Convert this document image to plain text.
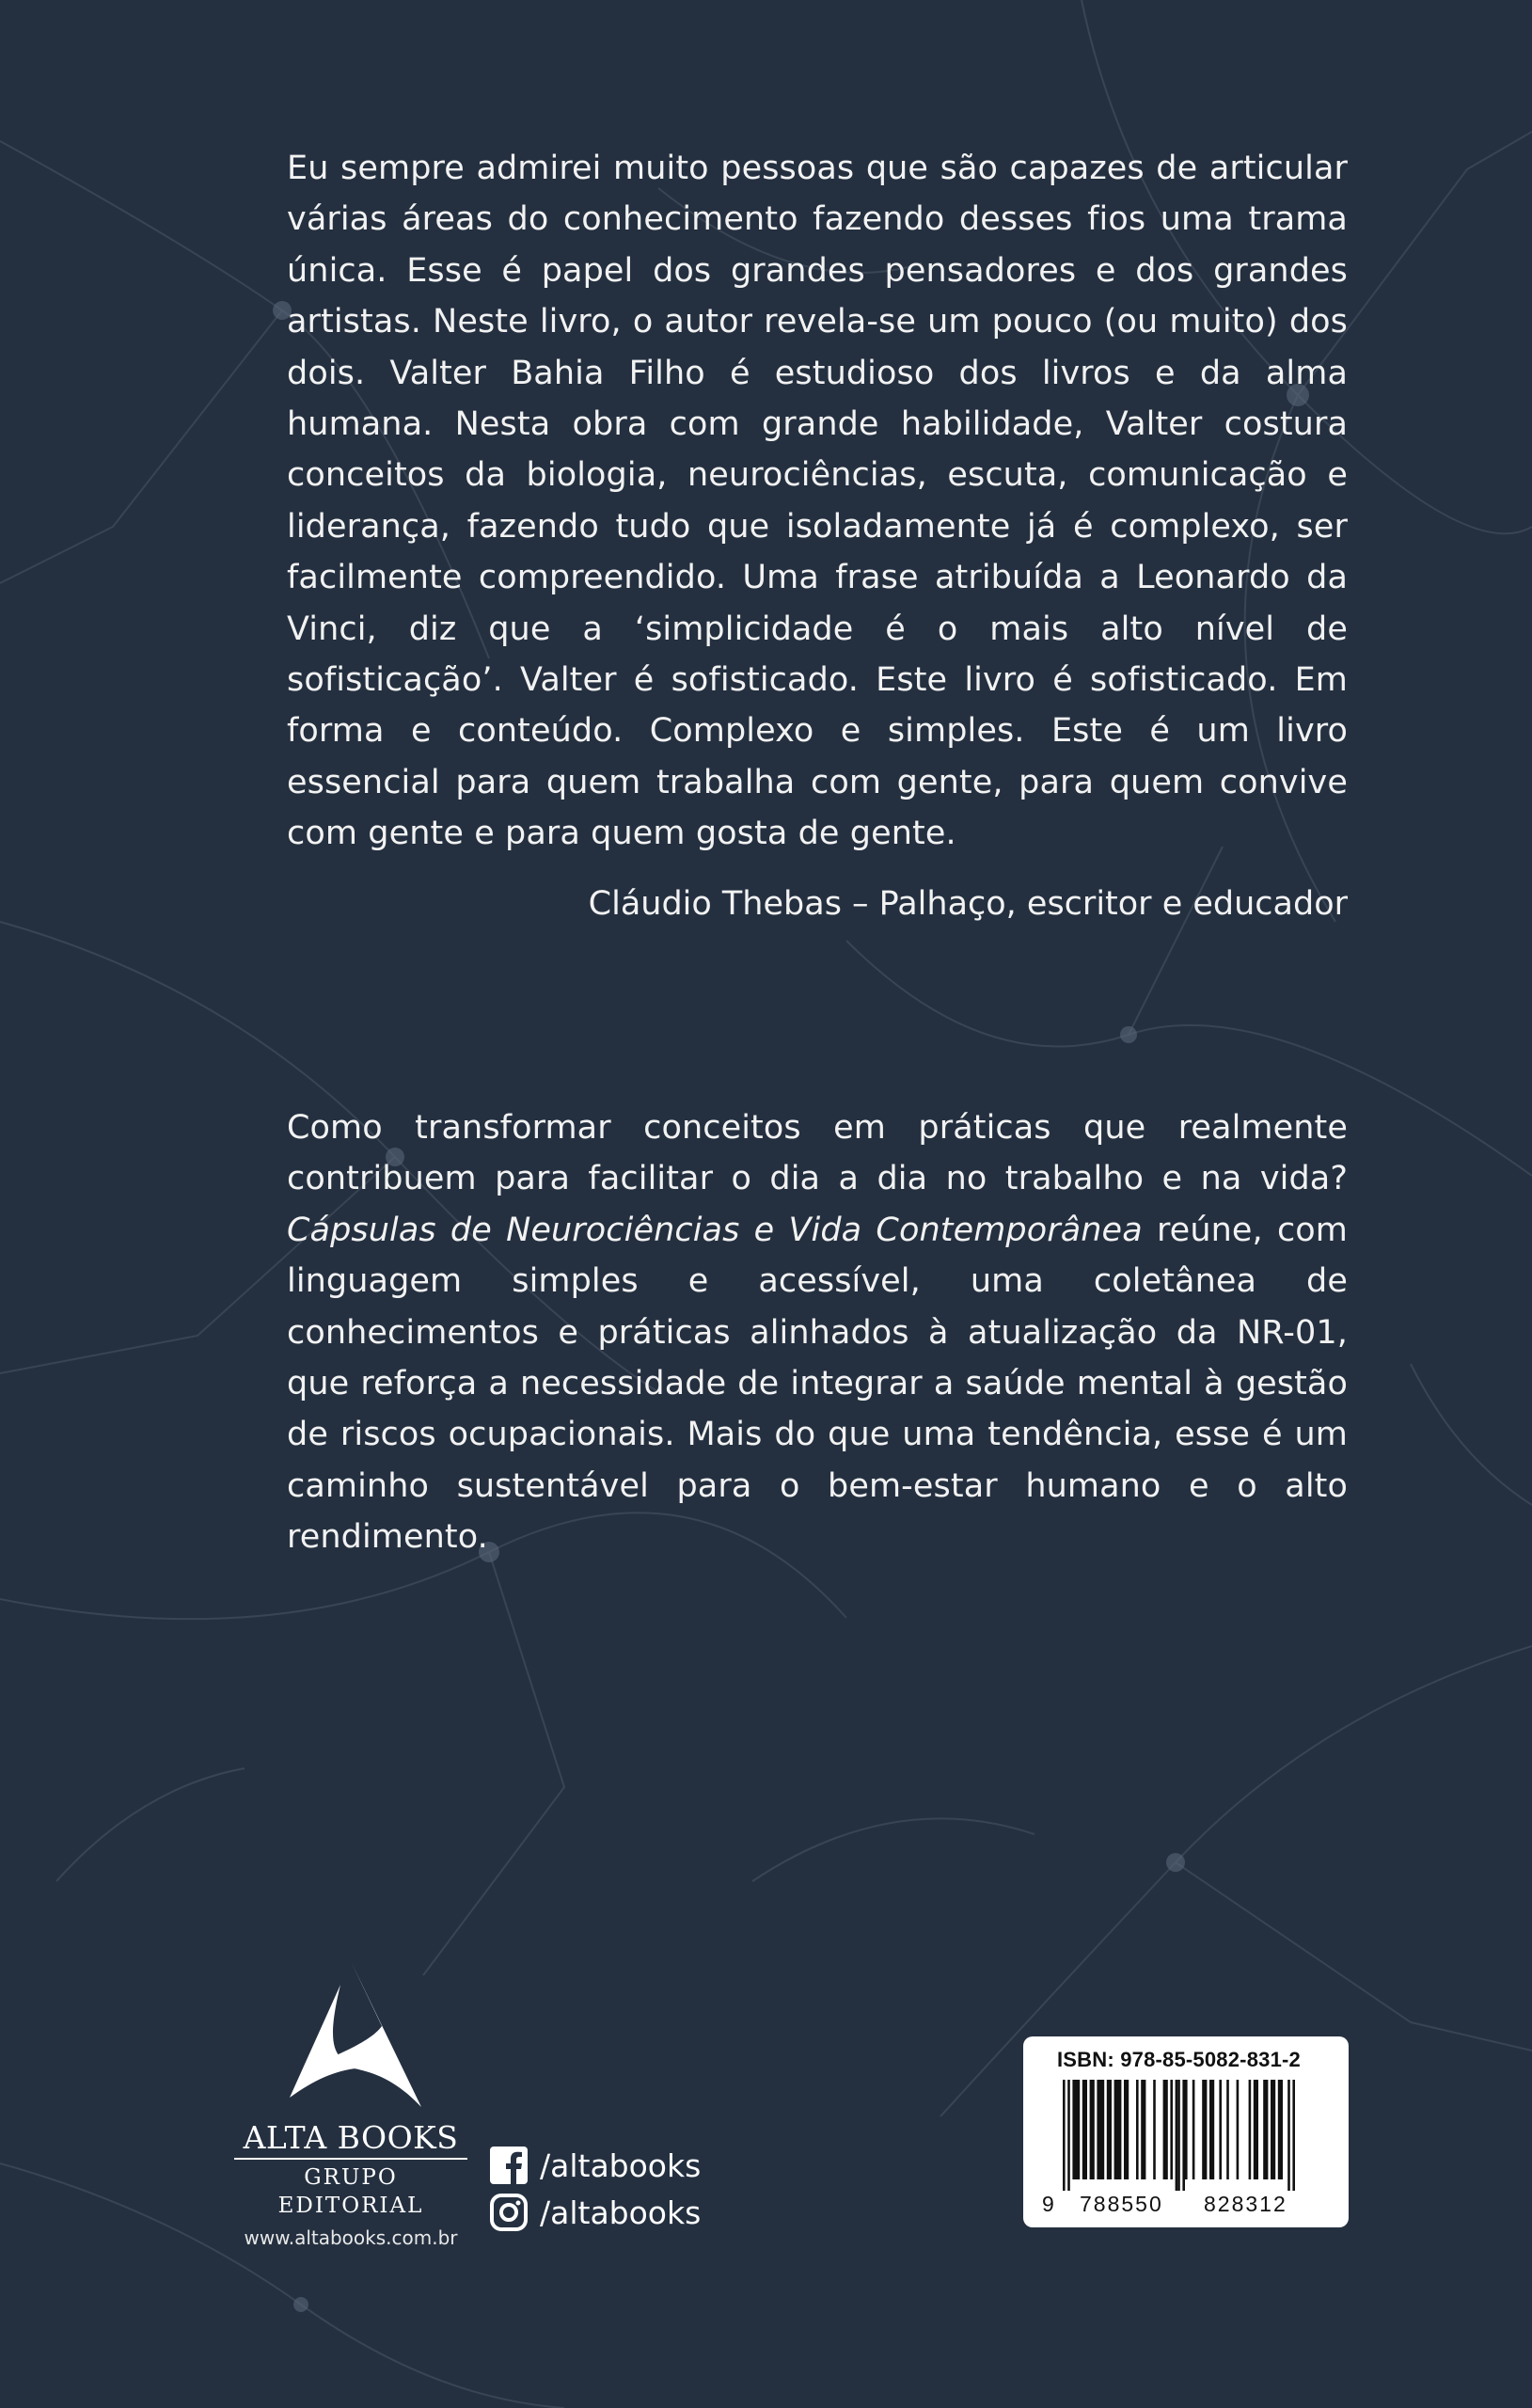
Eu sempre admirei muito pessoas que são capazes de articular várias áreas do conhecimento fazendo desses fios uma trama única. Esse é papel dos grandes pensadores e dos grandes artistas. Neste livro, o autor revela-se um pouco (ou muito) dos dois. Valter Bahia Filho é estudioso dos livros e da alma humana. Nesta obra com grande habilidade, Valter costura conceitos da biologia, neurociências, escuta, comunicação e liderança, fazendo tudo que isoladamente já é complexo, ser facilmente compreendido. Uma frase atribuída a Leonardo da Vinci, diz que a ‘simplicidade é o mais alto nível de sofisticação’. Valter é sofisticado. Este livro é sofisticado. Em forma e conteúdo. Complexo e simples. Este é um livro essencial para quem trabalha com gente, para quem convive com gente e para quem gosta de gente.
Cláudio Thebas – Palhaço, escritor e educador
Como transformar conceitos em práticas que realmente contribuem para facilitar o dia a dia no trabalho e na vida? Cápsulas de Neurociências e Vida Contemporânea reúne, com linguagem simples e acessível, uma coletânea de conhecimentos e práticas alinhados à atualização da NR-01, que reforça a necessidade de integrar a saúde mental à gestão de riscos ocupacionais. Mais do que uma tendência, esse é um caminho sustentável para o bem-estar humano e o alto rendimento.
ALTA BOOKS
GRUPO EDITORIAL
www.altabooks.com.br
/altabooks
/altabooks
ISBN: 978-85-5082-831-2
9 788550 828312
